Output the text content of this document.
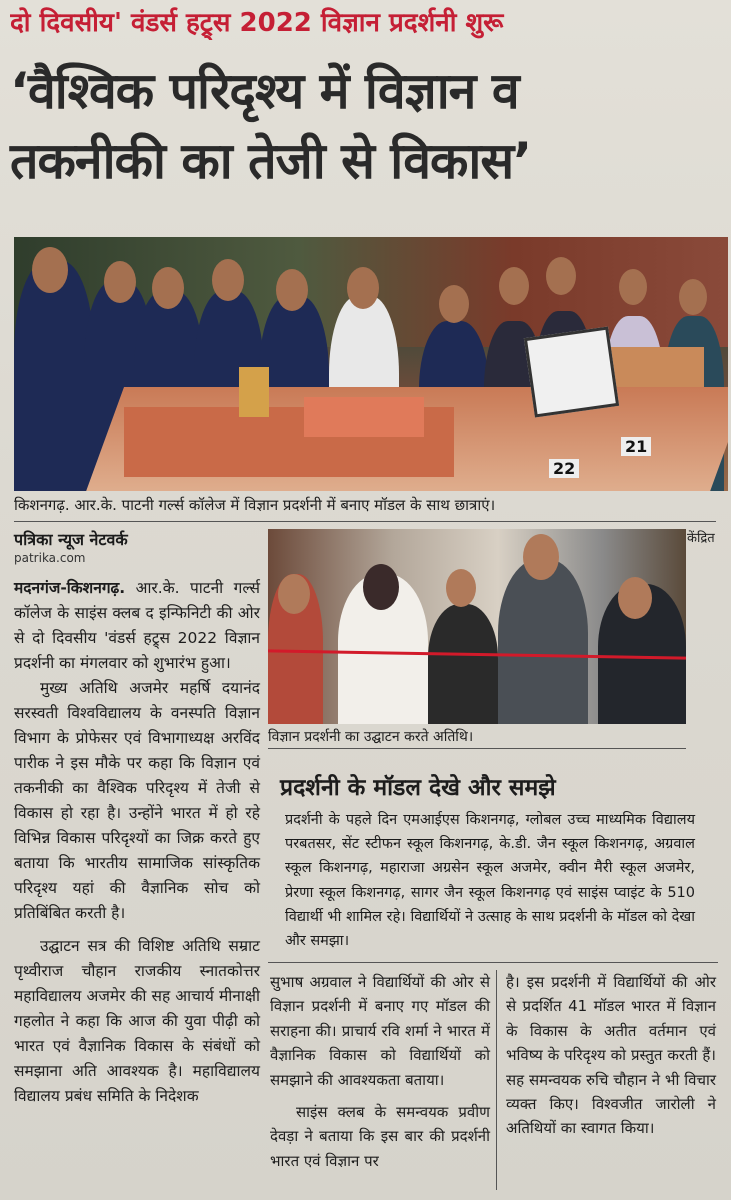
दो दिवसीय' वंडर्स हट्र्स 2022 विज्ञान प्रदर्शनी शुरू
‘वैश्विक परिदृश्य में विज्ञान व
तकनीकी का तेजी से विकास’
22
21
किशनगढ़. आर.के. पाटनी गर्ल्स कॉलेज में विज्ञान प्रदर्शनी में बनाए मॉडल के साथ छात्राएं।
पत्रिका न्यूज नेटवर्क
patrika.com
केंद्रित

मदनगंज-किशनगढ़. आर.के. पाटनी गर्ल्स कॉलेज के साइंस क्लब द इन्फिनिटी की ओर से दो दिवसीय 'वंडर्स हट्र्स 2022 विज्ञान प्रदर्शनी का मंगलवार को शुभारंभ हुआ।

मुख्य अतिथि अजमेर महर्षि दयानंद सरस्वती विश्वविद्यालय के वनस्पति विज्ञान विभाग के प्रोफेसर एवं विभागाध्यक्ष अरविंद पारीक ने इस मौके पर कहा कि विज्ञान एवं तकनीकी का वैश्विक परिदृश्य में तेजी से विकास हो रहा है। उन्होंने भारत में हो रहे विभिन्न विकास परिदृश्यों का जिक्र करते हुए बताया कि भारतीय सामाजिक सांस्कृतिक परिदृश्य यहां की वैज्ञानिक सोच को प्रतिबिंबित करती है।

उद्घाटन सत्र की विशिष्ट अतिथि सम्राट पृथ्वीराज चौहान राजकीय स्नातकोत्तर महाविद्यालय अजमेर की सह आचार्य मीनाक्षी गहलोत ने कहा कि आज की युवा पीढ़ी को भारत एवं वैज्ञानिक विकास के संबंधों को समझाना अति आवश्यक है। महाविद्यालय विद्यालय प्रबंध समिति के निदेशक

विज्ञान प्रदर्शनी का उद्घाटन करते अतिथि।
प्रदर्शनी के मॉडल देखे और समझे
प्रदर्शनी के पहले दिन एमआईएस किशनगढ़, ग्लोबल उच्च माध्यमिक विद्यालय परबतसर, सेंट स्टीफन स्कूल किशनगढ़, के.डी. जैन स्कूल किशनगढ़, अग्रवाल स्कूल किशनगढ़, महाराजा अग्रसेन स्कूल अजमेर, क्वीन मैरी स्कूल अजमेर, प्रेरणा स्कूल किशनगढ़, सागर जैन स्कूल किशनगढ़ एवं साइंस प्वाइंट के 510 विद्यार्थी भी शामिल रहे। विद्यार्थियों ने उत्साह के साथ प्रदर्शनी के मॉडल को देखा और समझा।

सुभाष अग्रवाल ने विद्यार्थियों की ओर से विज्ञान प्रदर्शनी में बनाए गए मॉडल की सराहना की। प्राचार्य रवि शर्मा ने भारत में वैज्ञानिक विकास को विद्यार्थियों को समझाने की आवश्यकता बताया।

साइंस क्लब के समन्वयक प्रवीण देवड़ा ने बताया कि इस बार की प्रदर्शनी भारत एवं विज्ञान पर

है। इस प्रदर्शनी में विद्यार्थियों की ओर से प्रदर्शित 41 मॉडल भारत में विज्ञान के विकास के अतीत वर्तमान एवं भविष्य के परिदृश्य को प्रस्तुत करती हैं। सह समन्वयक रुचि चौहान ने भी विचार व्यक्त किए। विश्वजीत जारोली ने अतिथियों का स्वागत किया।
